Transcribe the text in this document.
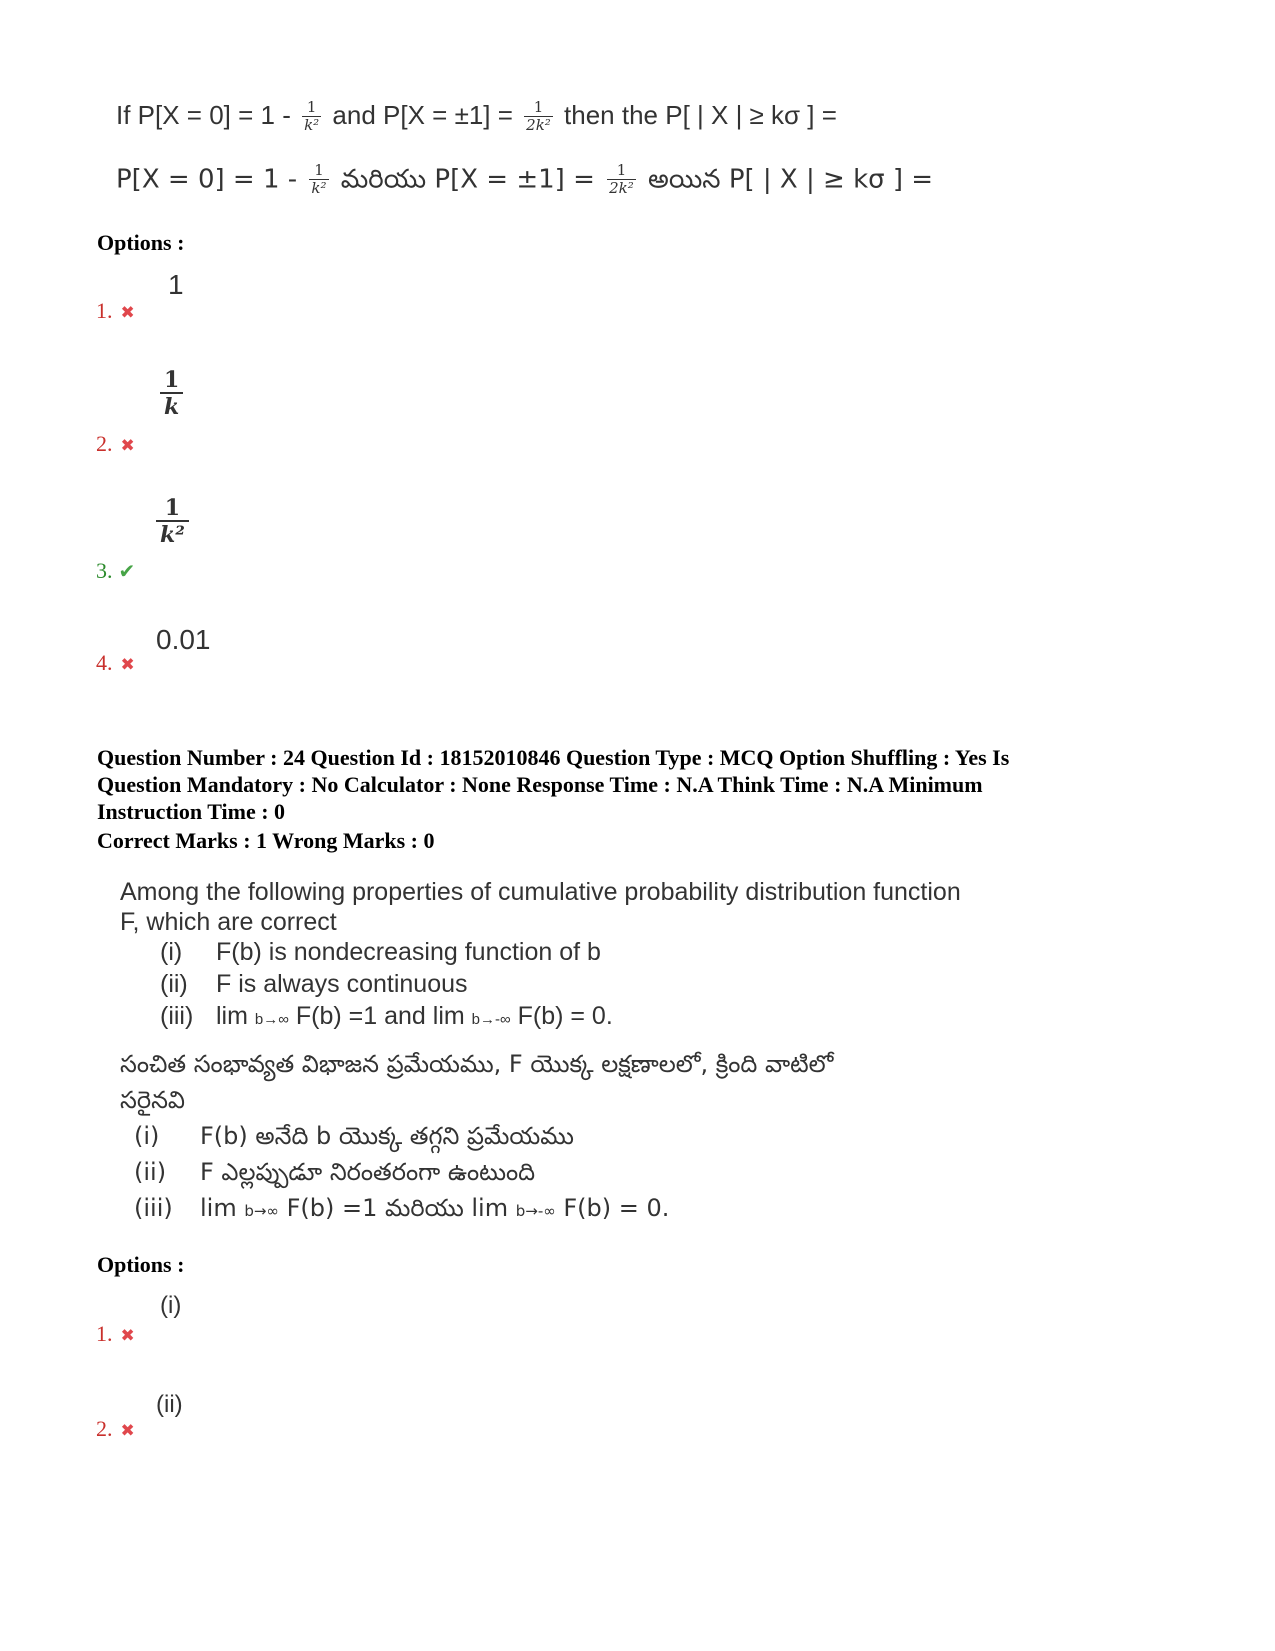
If $P[X = 0] = 1 - \frac{1}{\text{k²}}$ and $P[X = \pm 1] = \frac{1}{\text{2k²}}$ then the P[ | X | ≥ kσ ] =
$P[X = 0] = 1 - \frac{1}{\text{k²}}$ మరియు $P[X = \pm 1] = \frac{1}{\text{2k²}}$ అయిన P[ | X | ≥ kσ ] =
Options :
1
1. ✖
$\frac{1}{k}$
2. ✖
$\frac{1}{\text{k²}}$
3. ✔
0.01
4. ✖
Question Number : 24 Question Id : 18152010846 Question Type : MCQ Option Shuffling : Yes Is
Question Mandatory : No Calculator : None Response Time : N.A Think Time : N.A Minimum
Instruction Time : 0
Correct Marks : 1 Wrong Marks : 0
Among the following properties of cumulative probability distribution function
F, which are correct
(i) F(b) is nondecreasing function of b
(ii) F is always continuous
(iii) lim b→∞ F(b) =1 and lim b→-∞ F(b) = 0.
సంచిత సంభావ్యత విభాజన ప్రమేయము, F యొక్క లక్షణాలలో, క్రింది వాటిలో
సరైనవి
(i) F(b) అనేది b యొక్క తగ్గని ప్రమేయము
(ii) F ఎల్లప్పుడూ నిరంతరంగా ఉంటుంది
(iii) lim b→∞ F(b) =1 మరియు lim b→-∞ F(b) = 0.
Options :
(i)
1. ✖
(ii)
2. ✖
